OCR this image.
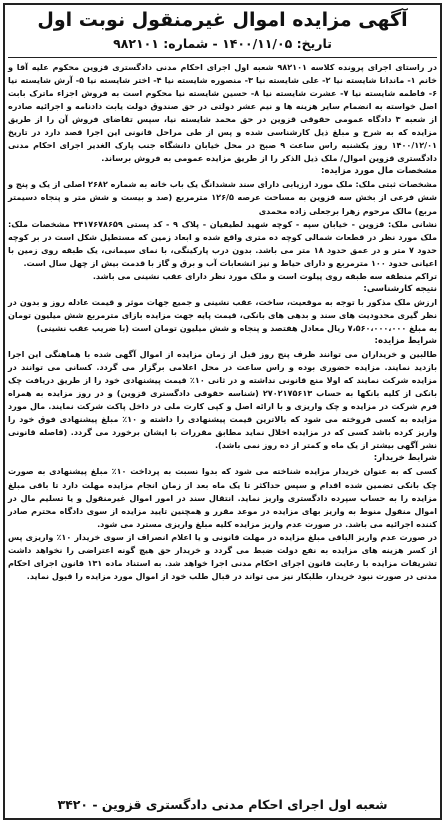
آگهی مزایده اموال غیرمنقول نوبت اول
تاریخ: ۱۴۰۰/۱۱/۰۵ - شماره: ۹۸۲۱۰۱

در راستای اجرای پرونده کلاسه ۹۸۲۱۰۱ شعبه اول اجرای احکام مدنی دادگستری قزوین محکوم علیه آقا و خانم ۱- ماندانا شایسته نیا ۲- علی شایسته نیا ۳- منصوره شایسته نیا ۴- اختر شایسته نیا ۵- آرش شایسته نیا ۶- فاطمه شایسته نیا ۷- عشرت شایسته نیا ۸- حسین شایسته نیا محکوم است به فروش اجزاء ماترک بابت اصل خواسته به انضمام سایر هزینه ها و نیم عشر دولتی در حق صندوق دولت یابت دادنامه و اجرائیه صادره از شعبه ۳ دادگاه عمومی حقوقی قزوین در حق محمد شایسته نیا، سپس تقاضای فروش آن را از طریق مزایده که به شرح و مبلغ ذیل کارشناسی شده و پس از طی مراحل قانونی این اجرا قصد دارد در تاریخ ۱۴۰۰/۱۲/۰۱ روز یکشنبه راس ساعت ۹ صبح در محل خیابان دانشگاه جنب پارک الغدیر اجرای احکام مدنی دادگستری قزوین اموال/ ملک ذیل الذکر را از طریق مزایده عمومی به فروش برساند.

مشخصات مال مورد مزایده:

مشخصات ثبتی ملک: ملک مورد ارزیابی دارای سند ششدانگ یک باب خانه به شماره ۲۶۸۲ اصلی از یک و پنج و شش فرعی از بخش سه قزوین به مساحت عرصه ۱۲۶/۵ مترمربع (صد و بیست و شش متر و پنجاه دسیمتر مربع) مالک مرحوم زهرا برجعلی زاده محمدی

نشانی ملک: قزوین - خیابان سپه - کوچه شهید لطیفیان - پلاک ۹ - کد پستی ۳۴۱۷۶۷۸۶۵۹ مشخصات ملک: ملک مورد نظر در قطعات شمالی کوچه ده متری واقع شده و ابعاد زمین که مستطیل شکل است در بر کوچه حدود ۷ متر و در عمق حدود ۱۸ متر می باشد. بدون درب پارکینگی، با نمای سیمانی، یک طبقه روی زمین با اعیانی حدود ۱۰۰ مترمربع و دارای حیاط و نیز انشعابات آب و برق و گاز با قدمت بیش از چهل سال است.

تراکم منطقه سه طبقه روی پیلوت است و ملک مورد نظر دارای عقب نشینی می باشد.

نتیجه کارشناسی:

ارزش ملک مذکور با توجه به موقعیت، ساخت، عقب نشینی و جمیع جهات موثر و قیمت عادله روز و بدون در نظر گیری محدودیت های سند و بدهی های بانکی، قیمت پایه جهت مزایده بازای مترمربع شش میلیون تومان به مبلغ ۷،۵۶۰،۰۰۰،۰۰۰ ریال معادل هفتصد و پنجاه و شش میلیون تومان است (با ضریب عقب نشینی)

شرایط مزایده:

طالبین و خریداران می توانند ظرف پنج روز قبل از زمان مزایده از اموال آگهی شده با هماهنگی این اجرا بازدید نمایند. مزایده حضوری بوده و راس ساعت در محل اعلامی برگزار می گردد. کسانی می توانند در مزایده شرکت نمایند که اولا منع قانونی نداشته و در ثانی ۱۰٪ قیمت پیشنهادی خود را از طریق دریافت چک بانکی از کلیه بانکها به حساب ۲۷۰۲۱۷۵۶۱۳ (شناسه حقوقی دادگستری قزوین) و در روز مزایده به همراه فرم شرکت در مزایده و چک واریزی و با ارائه اصل و کپی کارت ملی در داخل پاکت شرکت نمایند. مال مورد مزایده به کسی فروخته می شود که بالاترین قیمت پیشنهادی را داشته و ۱۰٪ مبلغ پیشنهادی فوق خود را واریز کرده باشد کسی که در مزایده اخلال نماید مطابق مقررات با ایشان برخورد می گردد. (فاصله قانونی نشر آگهی بیشتر از یک ماه و کمتر از ده روز نمی باشد).

شرایط خریدار:

کسی که به عنوان خریدار مزایده شناخته می شود که بدوا نسبت به پرداخت ۱۰٪ مبلغ پیشنهادی به صورت چک بانکی تضمین شده اقدام و سپس حداکثر تا یک ماه بعد از زمان انجام مزایده مهلت دارد تا باقی مبلغ مزایده را به حساب سپرده دادگستری واریز نماید. انتقال سند در امور اموال غیرمنقول و یا تسلیم مال در اموال منقول منوط به واریز بهای مزایده در موعد مقرر و همچنین تایید مزایده از سوی دادگاه محترم صادر کننده اجرائیه می باشد. در صورت عدم واریز مزایده کلیه مبلغ واریزی مسترد می شود.

در صورت عدم واریز الباقی مبلغ مزایده در مهلت قانونی و یا اعلام انصراف از سوی خریدار ۱۰٪ واریزی پس از کسر هزینه های مزایده به نفع دولت ضبط می گردد و خریدار حق هیچ گونه اعتراضی را نخواهد داشت تشریفات مزایده با رعایت قانون اجرای احکام مدنی اجرا خواهد شد. به استناد ماده ۱۳۱ قانون اجرای احکام مدنی در صورت نبود خریدار، طلبکار نیز می تواند در قبال طلب خود از اموال مورد مزایده را قبول نماید.

شعبه اول اجرای احکام مدنی دادگستری قزوین - ۳۴۲۰
